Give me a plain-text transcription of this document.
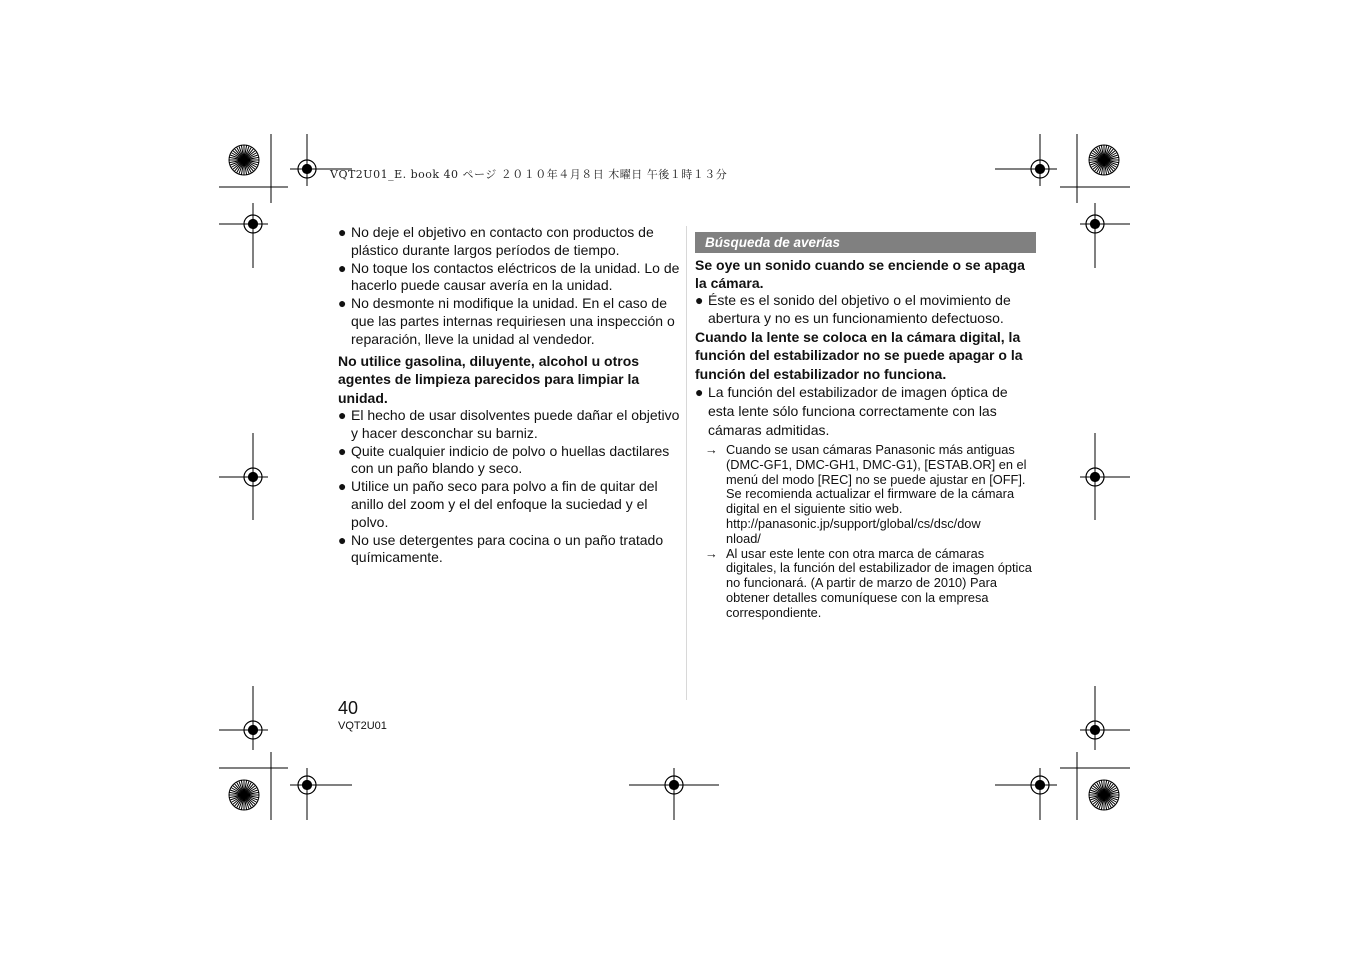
VQT2U01_E. book 40 ページ ２０１０年４月８日 木曜日 午後１時１３分
● No deje el objetivo en contacto con productos de plástico durante largos períodos de tiempo.

● No toque los contactos eléctricos de la unidad. Lo de hacerlo puede causar avería en la unidad.

● No desmonte ni modifique la unidad. En el caso de que las partes internas requiriesen una inspección o reparación, lleve la unidad al vendedor.

No utilice gasolina, diluyente, alcohol u otros agentes de limpieza parecidos para limpiar la unidad.

● El hecho de usar disolventes puede dañar el objetivo y hacer desconchar su barniz.

● Quite cualquier indicio de polvo o huellas dactilares con un paño blando y seco.

● Utilice un paño seco para polvo a fin de quitar del anillo del zoom y el del enfoque la suciedad y el polvo.

● No use detergentes para cocina o un paño tratado químicamente.

Búsqueda de averías

Se oye un sonido cuando se enciende o se apaga la cámara.

● Éste es el sonido del objetivo o el movimiento de abertura y no es un funcionamiento defectuoso.

Cuando la lente se coloca en la cámara digital, la función del estabilizador no se puede apagar o la función del estabilizador no funciona.

● La función del estabilizador de imagen óptica de esta lente sólo funciona correctamente con las cámaras admitidas.

→ Cuando se usan cámaras Panasonic más antiguas (DMC-GF1, DMC-GH1, DMC-G1), [ESTAB.OR] en el menú del modo [REC] no se puede ajustar en [OFF]. Se recomienda actualizar el firmware de la cámara digital en el siguiente sitio web.

http://panasonic.jp/support/global/cs/dsc/download/

→ Al usar este lente con otra marca de cámaras digitales, la función del estabilizador de imagen óptica no funcionará. (A partir de marzo de 2010) Para obtener detalles comuníquese con la empresa correspondiente.

40
VQT2U01
